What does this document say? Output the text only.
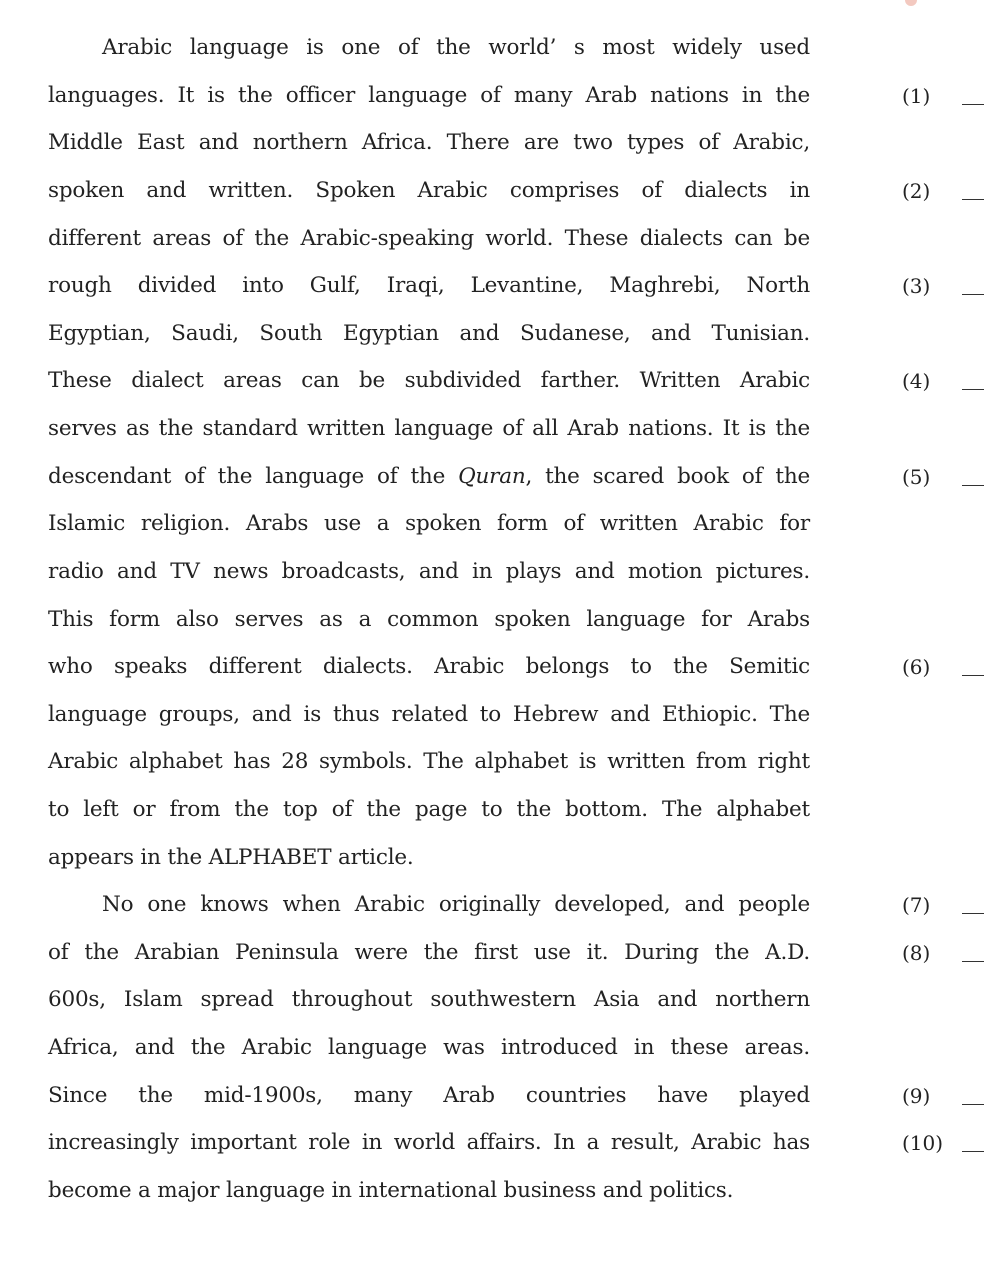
Arabic language is one of the world’ s most widely used
languages. It is the officer language of many Arab nations in the
Middle East and northern Africa. There are two types of Arabic,
spoken and written. Spoken Arabic comprises of dialects in
different areas of the Arabic-speaking world. These dialects can be
rough divided into Gulf, Iraqi, Levantine, Maghrebi, North
Egyptian, Saudi, South Egyptian and Sudanese, and Tunisian.
These dialect areas can be subdivided farther. Written Arabic
serves as the standard written language of all Arab nations. It is the
descendant of the language of the Quran, the scared book of the
Islamic religion. Arabs use a spoken form of written Arabic for
radio and TV news broadcasts, and in plays and motion pictures.
This form also serves as a common spoken language for Arabs
who speaks different dialects. Arabic belongs to the Semitic
language groups, and is thus related to Hebrew and Ethiopic. The
Arabic alphabet has 28 symbols. The alphabet is written from right
to left or from the top of the page to the bottom. The alphabet
appears in the ALPHABET article.
No one knows when Arabic originally developed, and people
of the Arabian Peninsula were the first use it. During the A.D.
600s, Islam spread throughout southwestern Asia and northern
Africa, and the Arabic language was introduced in these areas.
Since the mid-1900s, many Arab countries have played
increasingly important role in world affairs. In a result, Arabic has
become a major language in international business and politics.
(1)
(2)
(3)
(4)
(5)
(6)
(7)
(8)
(9)
(10)
